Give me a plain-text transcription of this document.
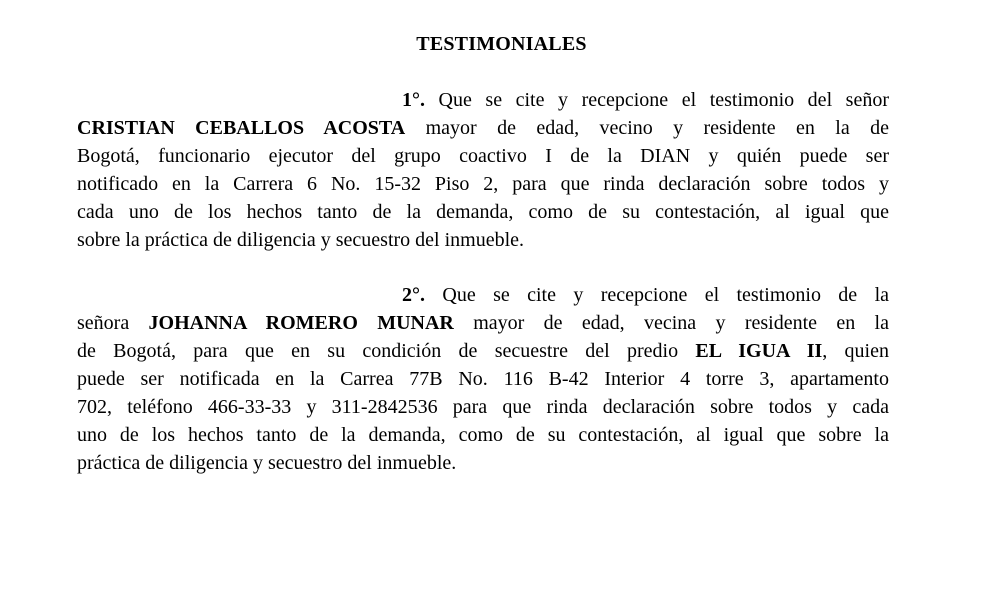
TESTIMONIALES
1°. Que se cite y recepcione el testimonio del señor
CRISTIAN CEBALLOS ACOSTA mayor de edad, vecino y residente en la de
Bogotá, funcionario ejecutor del grupo coactivo I de la DIAN y quién puede ser
notificado en la Carrera 6 No. 15-32 Piso 2, para que rinda declaración sobre todos y
cada uno de los hechos tanto de la demanda, como de su contestación, al igual que
sobre la práctica de diligencia y secuestro del inmueble.
2°. Que se cite y recepcione el testimonio de la
señora JOHANNA ROMERO MUNAR mayor de edad, vecina y residente en la
de Bogotá, para que en su condición de secuestre del predio EL IGUA II, quien
puede ser notificada en la Carrea 77B No. 116 B-42 Interior 4 torre 3, apartamento
702, teléfono 466-33-33 y 311-2842536 para que rinda declaración sobre todos y cada
uno de los hechos tanto de la demanda, como de su contestación, al igual que sobre la
práctica de diligencia y secuestro del inmueble.
